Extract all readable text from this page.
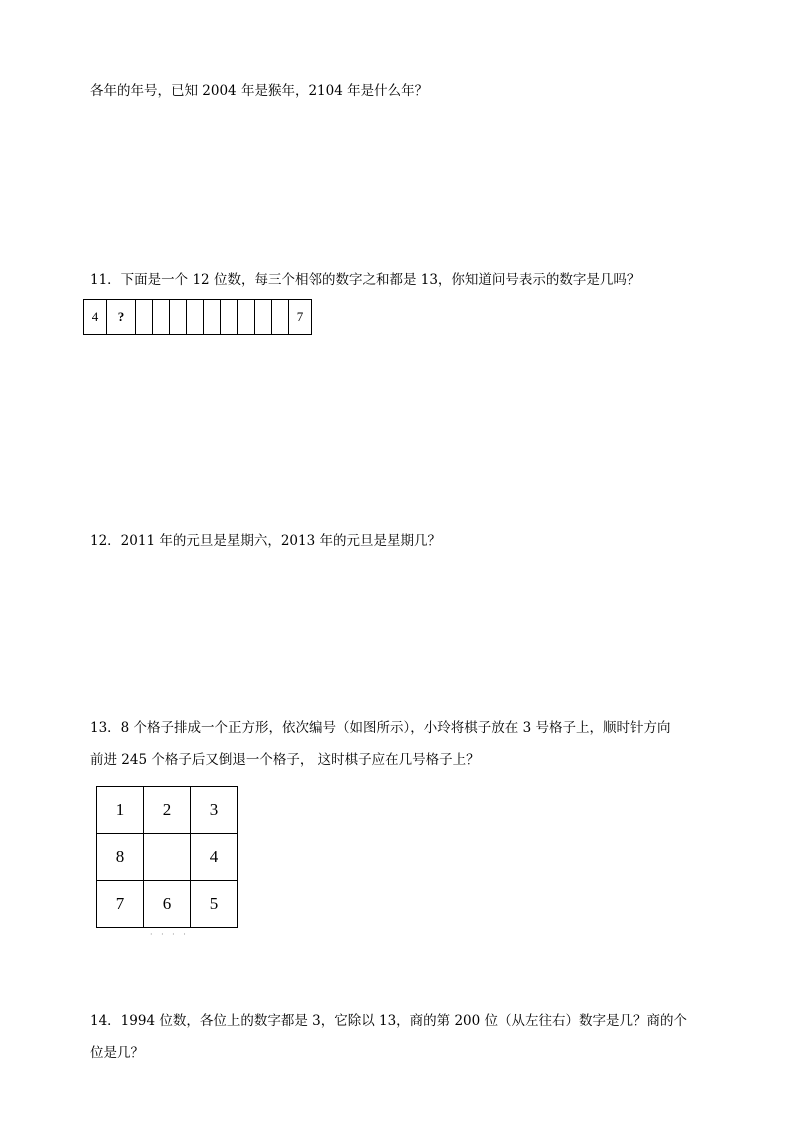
各年的年号，已知 2004 年是猴年，2104 年是什么年？
11．下面是一个 12 位数，每三个相邻的数字之和都是 13，你知道问号表示的数字是几吗？
4	?										7
12．2011 年的元旦是星期六，2013 年的元旦是星期几？
13．8 个格子排成一个正方形，依次编号（如图所示），小玲将棋子放在 3 号格子上，顺时针方向
前进 245 个格子后又倒退一个格子， 这时棋子应在几号格子上？
1	2	3
8		4
7	6	5
· · · ·
14．1994 位数，各位上的数字都是 3，它除以 13，商的第 200 位（从左往右）数字是几？商的个
位是几？
